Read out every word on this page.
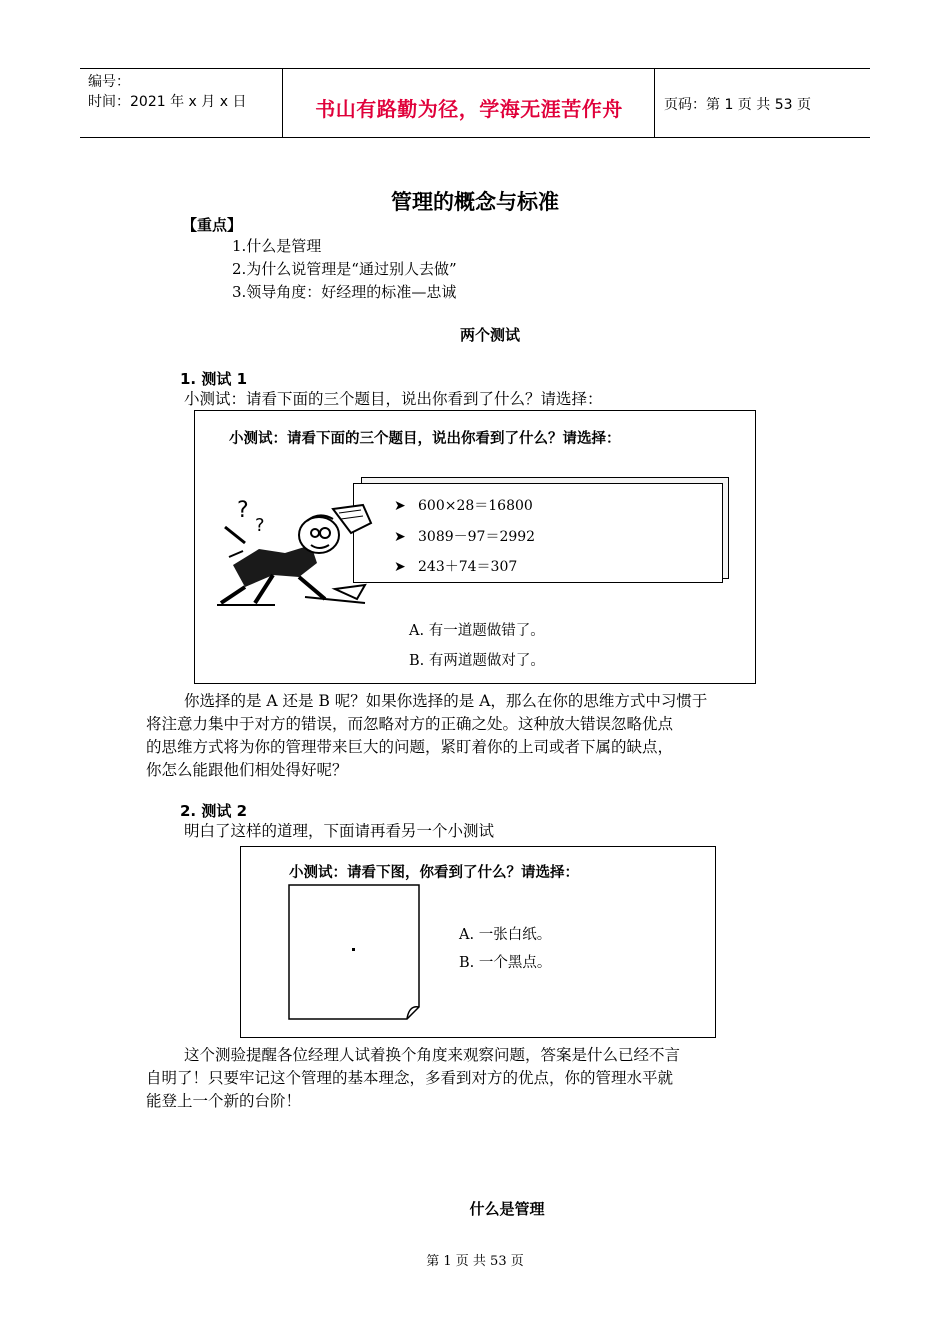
编号：
时间：2021 年 x 月 x 日	书山有路勤为径，学海无涯苦作舟	页码：第 1 页 共 53 页
管理的概念与标准
【重点】
1.什么是管理
2.为什么说管理是“通过别人去做”
3.领导角度：好经理的标准—忠诚
两个测试
1. 测试 1
小测试：请看下面的三个题目，说出你看到了什么？请选择：
小测试：请看下面的三个题目，说出你看到了什么？请选择：
➤ 600×28＝16800
➤ 3089－97＝2992
➤ 243＋74＝307
?
?
A. 有一道题做错了。
B. 有两道题做对了。
你选择的是 A 还是 B 呢？如果你选择的是 A，那么在你的思维方式中习惯于
将注意力集中于对方的错误，而忽略对方的正确之处。这种放大错误忽略优点
的思维方式将为你的管理带来巨大的问题，紧盯着你的上司或者下属的缺点，
你怎么能跟他们相处得好呢？
2. 测试 2
明白了这样的道理，下面请再看另一个小测试
小测试：请看下图，你看到了什么？请选择：
A. 一张白纸。
B. 一个黑点。
这个测验提醒各位经理人试着换个角度来观察问题，答案是什么已经不言
自明了！只要牢记这个管理的基本理念，多看到对方的优点，你的管理水平就
能登上一个新的台阶！
什么是管理
第 1 页 共 53 页
